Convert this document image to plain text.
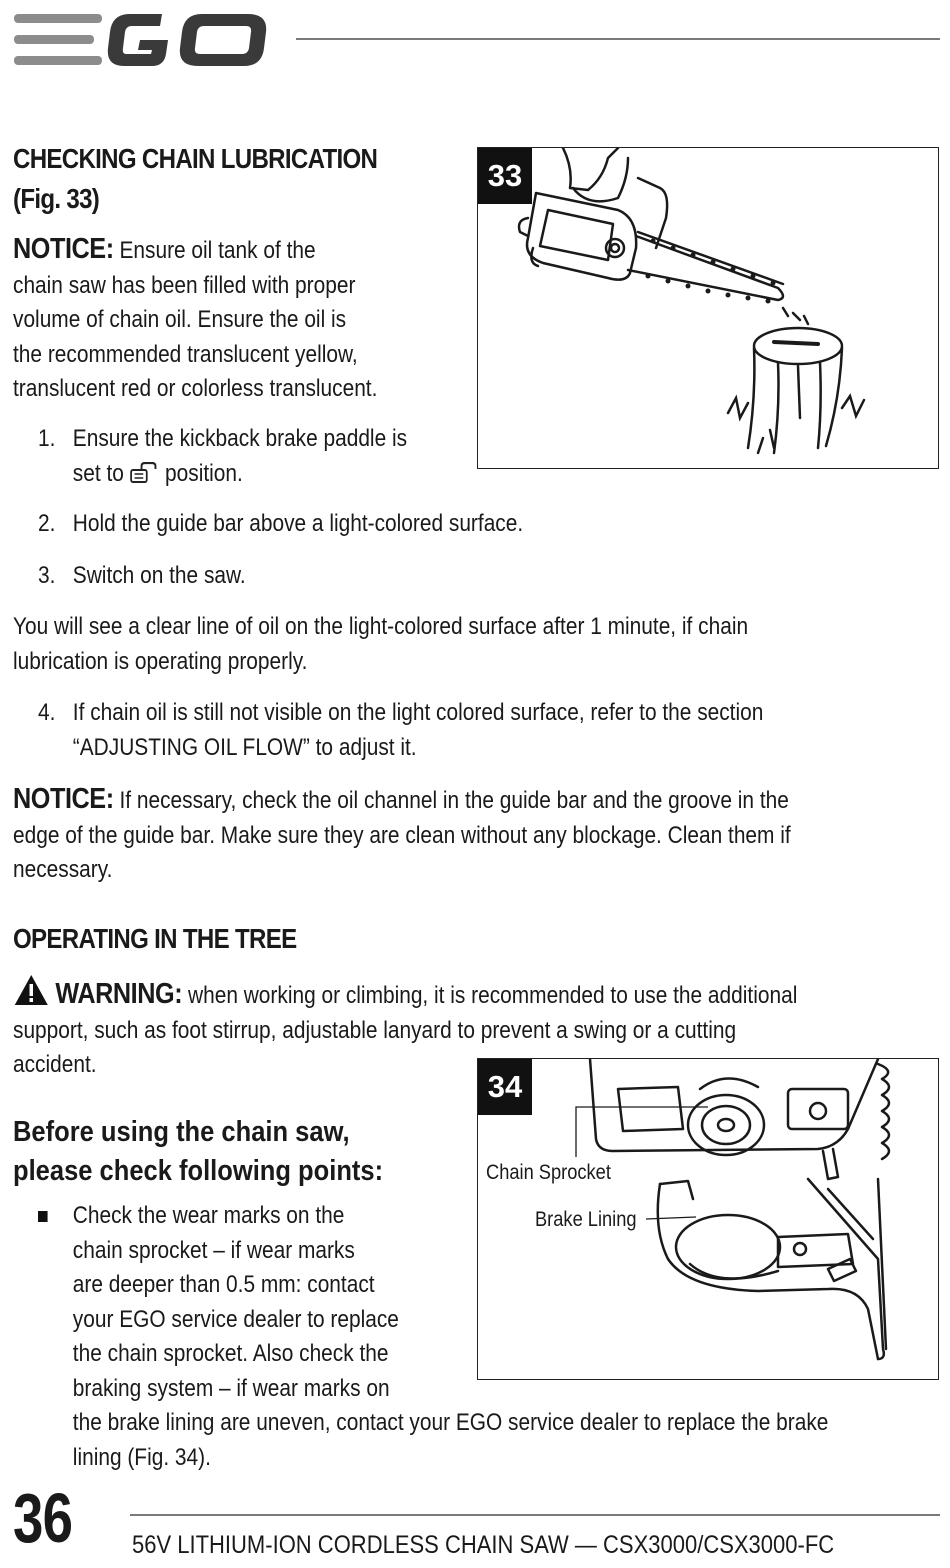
CHECKING CHAIN LUBRICATION
(Fig. 33)
NOTICE: Ensure oil tank of the
chain saw has been filled with proper
volume of chain oil. Ensure the oil is
the recommended translucent yellow,
translucent red or colorless translucent.
1. Ensure the kickback brake paddle is
set to  position.
2. Hold the guide bar above a light-colored surface.
3. Switch on the saw.
You will see a clear line of oil on the light-colored surface after 1 minute, if chain
lubrication is operating properly.
4. If chain oil is still not visible on the light colored surface, refer to the section
“ADJUSTING OIL FLOW” to adjust it.
NOTICE: If necessary, check the oil channel in the guide bar and the groove in the
edge of the guide bar. Make sure they are clean without any blockage. Clean them if
necessary.
33
OPERATING IN THE TREE
WARNING: when working or climbing, it is recommended to use the additional
support, such as foot stirrup, adjustable lanyard to prevent a swing or a cutting
accident.
Before using the chain saw,
please check following points:
Check the wear marks on the
chain sprocket – if wear marks
are deeper than 0.5 mm: contact
your EGO service dealer to replace
the chain sprocket. Also check the
braking system – if wear marks on
the brake lining are uneven, contact your EGO service dealer to replace the brake
lining (Fig. 34).
34
Chain Sprocket
Brake Lining
36 56V LITHIUM-ION CORDLESS CHAIN SAW — CSX3000/CSX3000-FC
